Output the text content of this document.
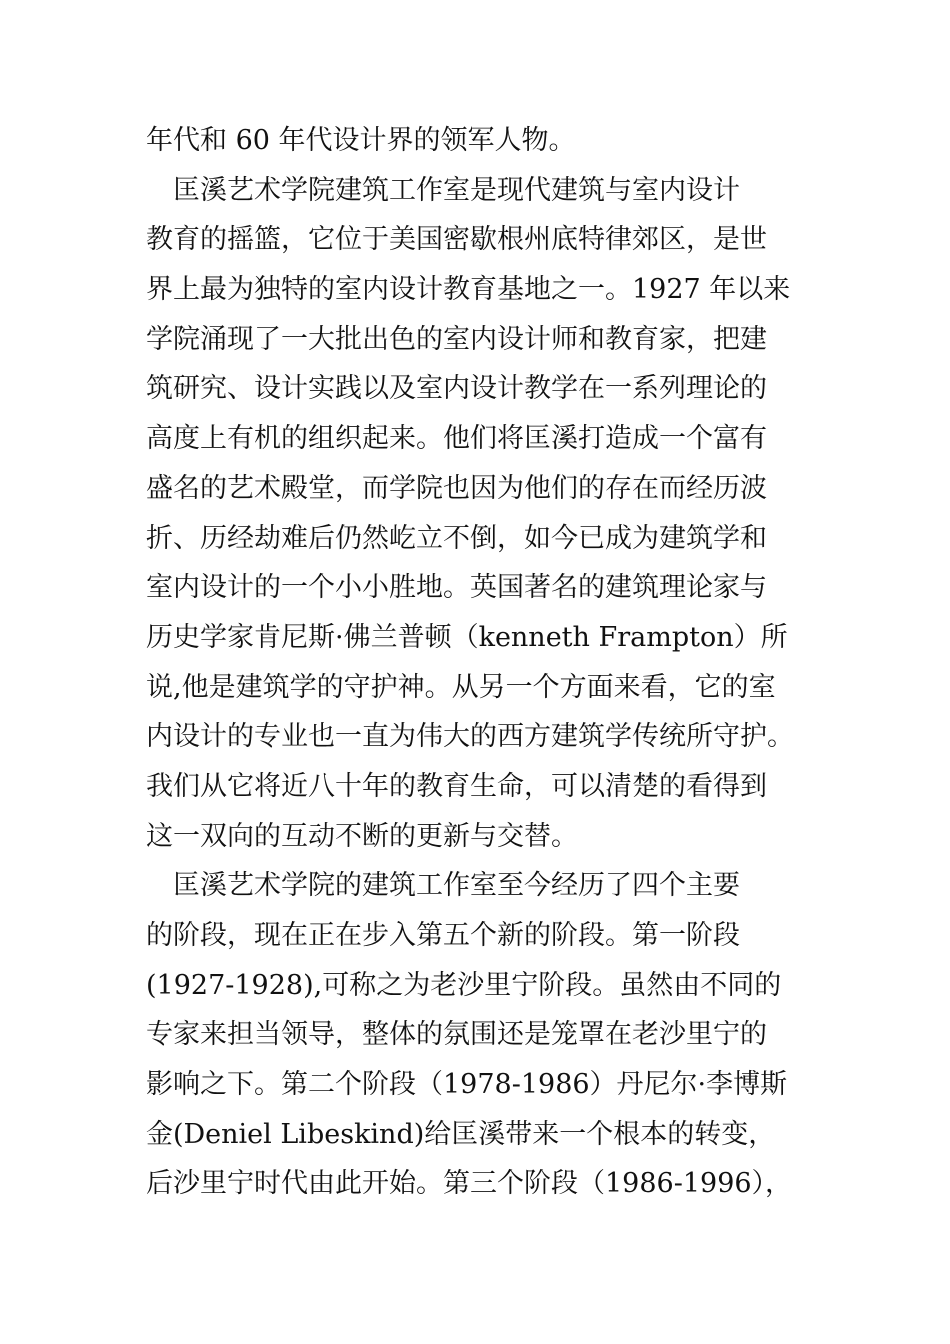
年代和 60 年代设计界的领军人物。
　匡溪艺术学院建筑工作室是现代建筑与室内设计
教育的摇篮，它位于美国密歇根州底特律郊区，是世
界上最为独特的室内设计教育基地之一。1927 年以来
学院涌现了一大批出色的室内设计师和教育家，把建
筑研究、设计实践以及室内设计教学在一系列理论的
高度上有机的组织起来。他们将匡溪打造成一个富有
盛名的艺术殿堂，而学院也因为他们的存在而经历波
折、历经劫难后仍然屹立不倒，如今已成为建筑学和
室内设计的一个小小胜地。英国著名的建筑理论家与
历史学家肯尼斯·佛兰普顿（kenneth Frampton）所
说,他是建筑学的守护神。从另一个方面来看，它的室
内设计的专业也一直为伟大的西方建筑学传统所守护。
我们从它将近八十年的教育生命，可以清楚的看得到
这一双向的互动不断的更新与交替。
　匡溪艺术学院的建筑工作室至今经历了四个主要
的阶段，现在正在步入第五个新的阶段。第一阶段
(1927-1928),可称之为老沙里宁阶段。虽然由不同的
专家来担当领导，整体的氛围还是笼罩在老沙里宁的
影响之下。第二个阶段（1978-1986）丹尼尔·李博斯
金(Deniel Libeskind)给匡溪带来一个根本的转变，
后沙里宁时代由此开始。第三个阶段（1986-1996），
